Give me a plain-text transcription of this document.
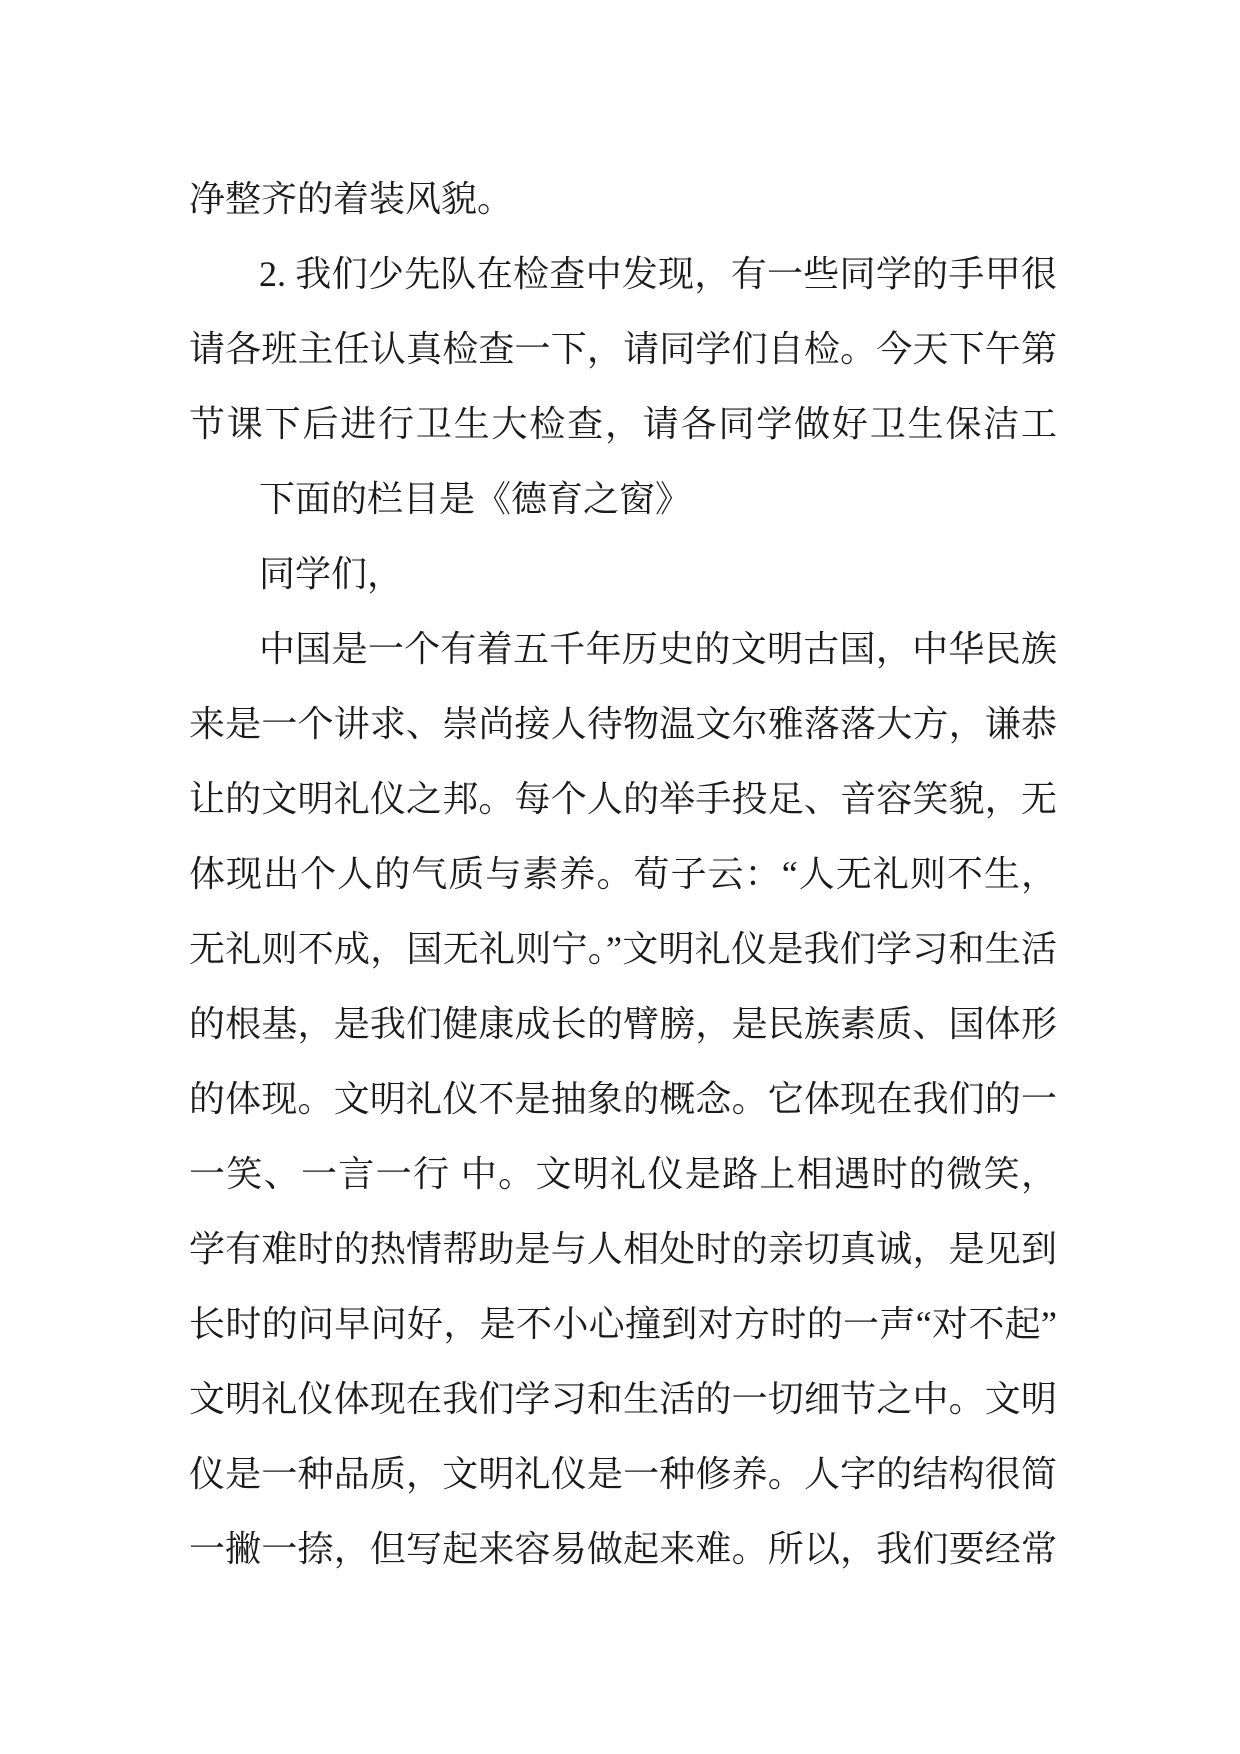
净整齐的着装风貌。
2. 我们少先队在检查中发现，有一些同学的手甲很
请各班主任认真检查一下，请同学们自检。今天下午第
节课下后进行卫生大检查，请各同学做好卫生保洁工
下面的栏目是《德育之窗》
同学们，
中国是一个有着五千年历史的文明古国，中华民族
来是一个讲求、崇尚接人待物温文尔雅落落大方，谦恭
让的文明礼仪之邦。每个人的举手投足、音容笑貌，无
体现出个人的气质与素养。荀子云：“人无礼则不生，
无礼则不成，国无礼则宁。”文明礼仪是我们学习和生活
的根基，是我们健康成长的臂膀，是民族素质、国体形
的体现。文明礼仪不是抽象的概念。它体现在我们的一
一笑、一言一行 中。文明礼仪是路上相遇时的微笑，
学有难时的热情帮助是与人相处时的亲切真诚，是见到
长时的问早问好，是不小心撞到对方时的一声“对不起”
文明礼仪体现在我们学习和生活的一切细节之中。文明
仪是一种品质，文明礼仪是一种修养。人字的结构很简
一撇一捺，但写起来容易做起来难。所以，我们要经常
